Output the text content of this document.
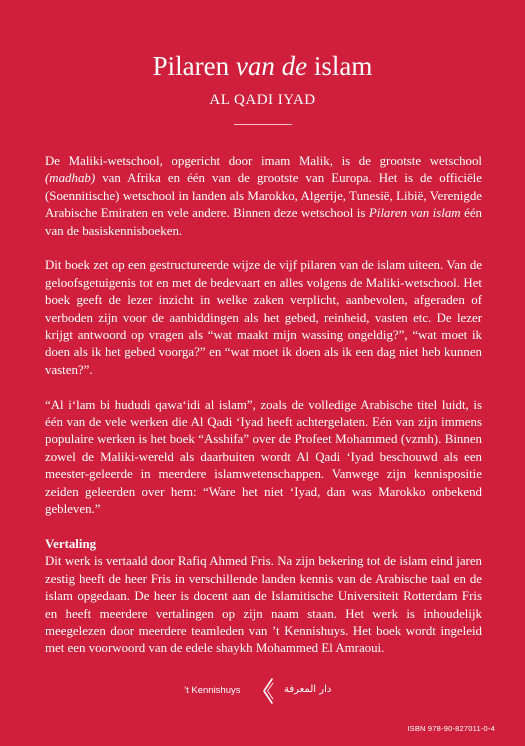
Pilaren van de islam
AL QADI IYAD

De Maliki-wetschool, opgericht door imam Malik, is de grootste wetschool (madhab) van Afrika en één van de grootste van Europa. Het is de officiële (Soennitische) wetschool in landen als Marokko, Algerije, Tunesië, Libië, Verenigde Arabische Emiraten en vele andere. Binnen deze wetschool is Pilaren van islam één van de basiskennisboeken.

Dit boek zet op een gestructureerde wijze de vijf pilaren van de islam uiteen. Van de geloofsgetuigenis tot en met de bedevaart en alles volgens de Maliki-wetschool. Het boek geeft de lezer inzicht in welke zaken verplicht, aanbevolen, afgeraden of verboden zijn voor de aanbiddingen als het gebed, reinheid, vasten etc. De lezer krijgt antwoord op vragen als “wat maakt mijn wassing ongeldig?”, “wat moet ik doen als ik het gebed voorga?” en “wat moet ik doen als ik een dag niet heb kunnen vasten?”.

“Al i‘lam bi hududi qawa‘idi al islam”, zoals de volledige Arabische titel luidt, is één van de vele werken die Al Qadi ‘Iyad heeft achtergelaten. Eén van zijn immens populaire werken is het boek “Asshifa” over de Profeet Mohammed (vzmh). Binnen zowel de Maliki-wereld als daarbuiten wordt Al Qadi ‘Iyad beschouwd als een meester-geleerde in meerdere islamwetenschappen. Vanwege zijn kennispositie zeiden geleerden over hem: “Ware het niet ‘Iyad, dan was Marokko onbekend gebleven.”

Vertaling

Dit werk is vertaald door Rafiq Ahmed Fris. Na zijn bekering tot de islam eind jaren zestig heeft de heer Fris in verschillende landen kennis van de Arabische taal en de islam opgedaan. De heer is docent aan de Islamitische Universiteit Rotterdam Fris en heeft meerdere vertalingen op zijn naam staan. Het werk is inhoudelijk meegelezen door meerdere teamleden van ’t Kennishuys. Het boek wordt ingeleid met een voorwoord van de edele shaykh Mohammed El Amraoui.

’t Kennishuys	دار المعرفة
ISBN 978-90-827011-0-4
